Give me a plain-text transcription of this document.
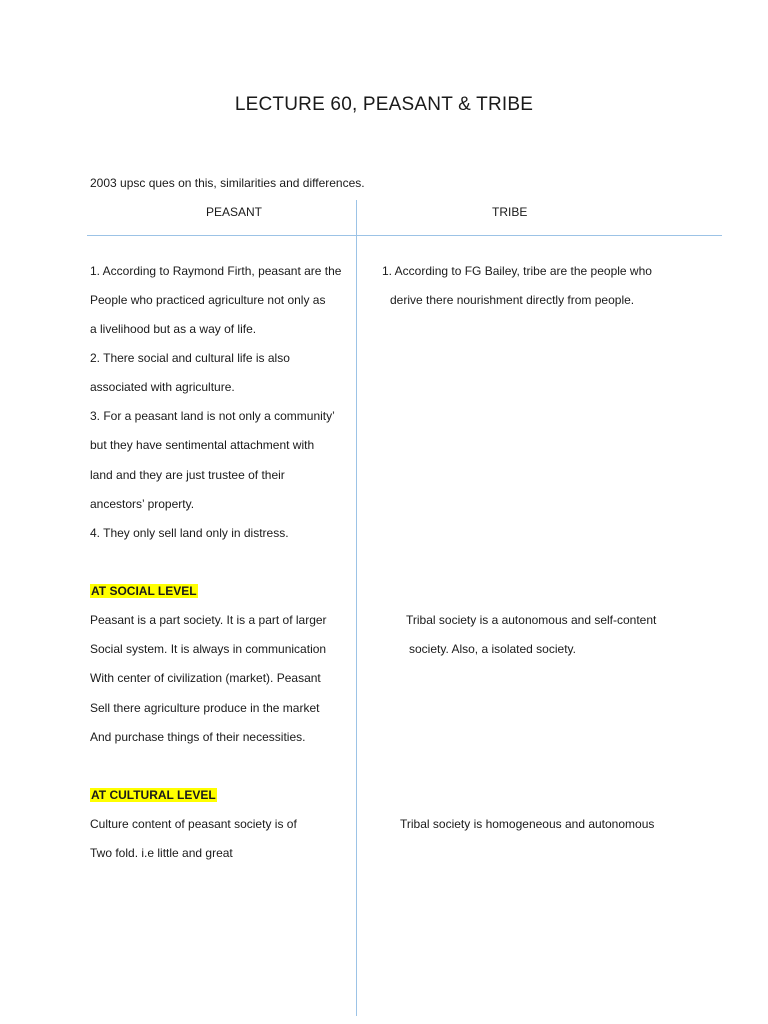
LECTURE 60, PEASANT & TRIBE
2003 upsc ques on this, similarities and differences.
PEASANT	TRIBE
1. According to Raymond Firth, peasant are the
People who practiced agriculture not only as
a livelihood but as a way of life.
2. There social and cultural life is also
associated with agriculture.
3. For a peasant land is not only a community’
but they have sentimental attachment with
land and they are just trustee of their
ancestors’ property.
4. They only sell land only in distress.
1. According to FG Bailey, tribe are the people who
derive there nourishment directly from people.
AT SOCIAL LEVEL
Peasant is a part society. It is a part of larger
Social system. It is always in communication
With center of civilization (market). Peasant
Sell there agriculture produce in the market
And purchase things of their necessities.
Tribal society is a autonomous and self-content
society. Also, a isolated society.
AT CULTURAL LEVEL
Culture content of peasant society is of
Two fold. i.e little and great
Tribal society is homogeneous and autonomous
